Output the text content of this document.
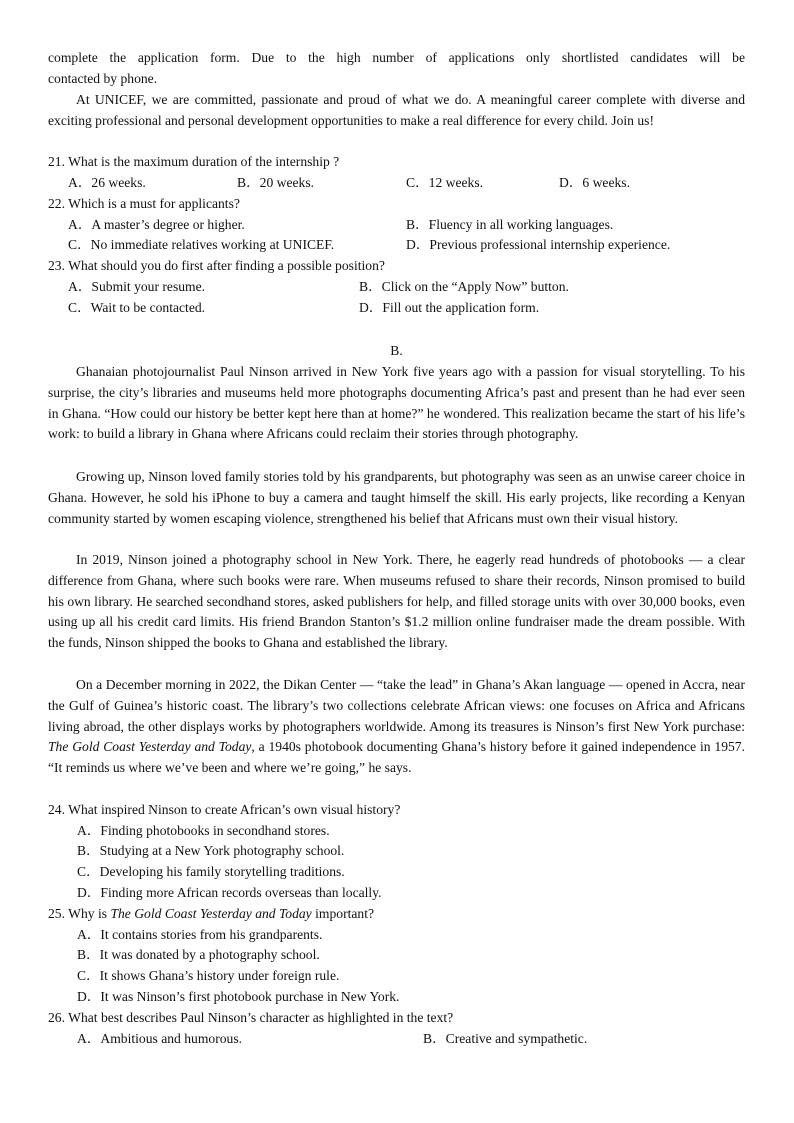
complete the application form. Due to the high number of applications only shortlisted candidates will be
contacted by phone.
At UNICEF, we are committed, passionate and proud of what we do. A meaningful career complete with diverse and exciting professional and personal development opportunities to make a real difference for every child. Join us!
21. What is the maximum duration of the internship ?
A．26 weeks.	B．20 weeks.	C．12 weeks.	D．6 weeks.
22. Which is a must for applicants?
A．A master’s degree or higher.	B．Fluency in all working languages.
C．No immediate relatives working at UNICEF.	D．Previous professional internship experience.
23. What should you do first after finding a possible position?
A．Submit your resume.	B．Click on the “Apply Now” button.
C．Wait to be contacted.	D．Fill out the application form.
B.
Ghanaian photojournalist Paul Ninson arrived in New York five years ago with a passion for visual storytelling. To his surprise, the city’s libraries and museums held more photographs documenting Africa’s past and present than he had ever seen in Ghana. “How could our history be better kept here than at home?” he wondered. This realization became the start of his life’s work: to build a library in Ghana where Africans could reclaim their stories through photography.
Growing up, Ninson loved family stories told by his grandparents, but photography was seen as an unwise career choice in Ghana. However, he sold his iPhone to buy a camera and taught himself the skill. His early projects, like recording a Kenyan community started by women escaping violence, strengthened his belief that Africans must own their visual history.
In 2019, Ninson joined a photography school in New York. There, he eagerly read hundreds of photobooks — a clear difference from Ghana, where such books were rare. When museums refused to share their records, Ninson promised to build his own library. He searched secondhand stores, asked publishers for help, and filled storage units with over 30,000 books, even using up all his credit card limits. His friend Brandon Stanton’s $1.2 million online fundraiser made the dream possible. With the funds, Ninson shipped the books to Ghana and established the library.
On a December morning in 2022, the Dikan Center — “take the lead” in Ghana’s Akan language — opened in Accra, near the Gulf of Guinea’s historic coast. The library’s two collections celebrate African views: one focuses on Africa and Africans living abroad, the other displays works by photographers worldwide. Among its treasures is Ninson’s first New York purchase: The Gold Coast Yesterday and Today, a 1940s photobook documenting Ghana’s history before it gained independence in 1957. “It reminds us where we’ve been and where we’re going,” he says.
24. What inspired Ninson to create African’s own visual history?
A．Finding photobooks in secondhand stores.
B．Studying at a New York photography school.
C．Developing his family storytelling traditions.
D．Finding more African records overseas than locally.
25. Why is The Gold Coast Yesterday and Today important?
A．It contains stories from his grandparents.
B．It was donated by a photography school.
C．It shows Ghana’s history under foreign rule.
D．It was Ninson’s first photobook purchase in New York.
26. What best describes Paul Ninson’s character as highlighted in the text?
A．Ambitious and humorous.	B．Creative and sympathetic.
